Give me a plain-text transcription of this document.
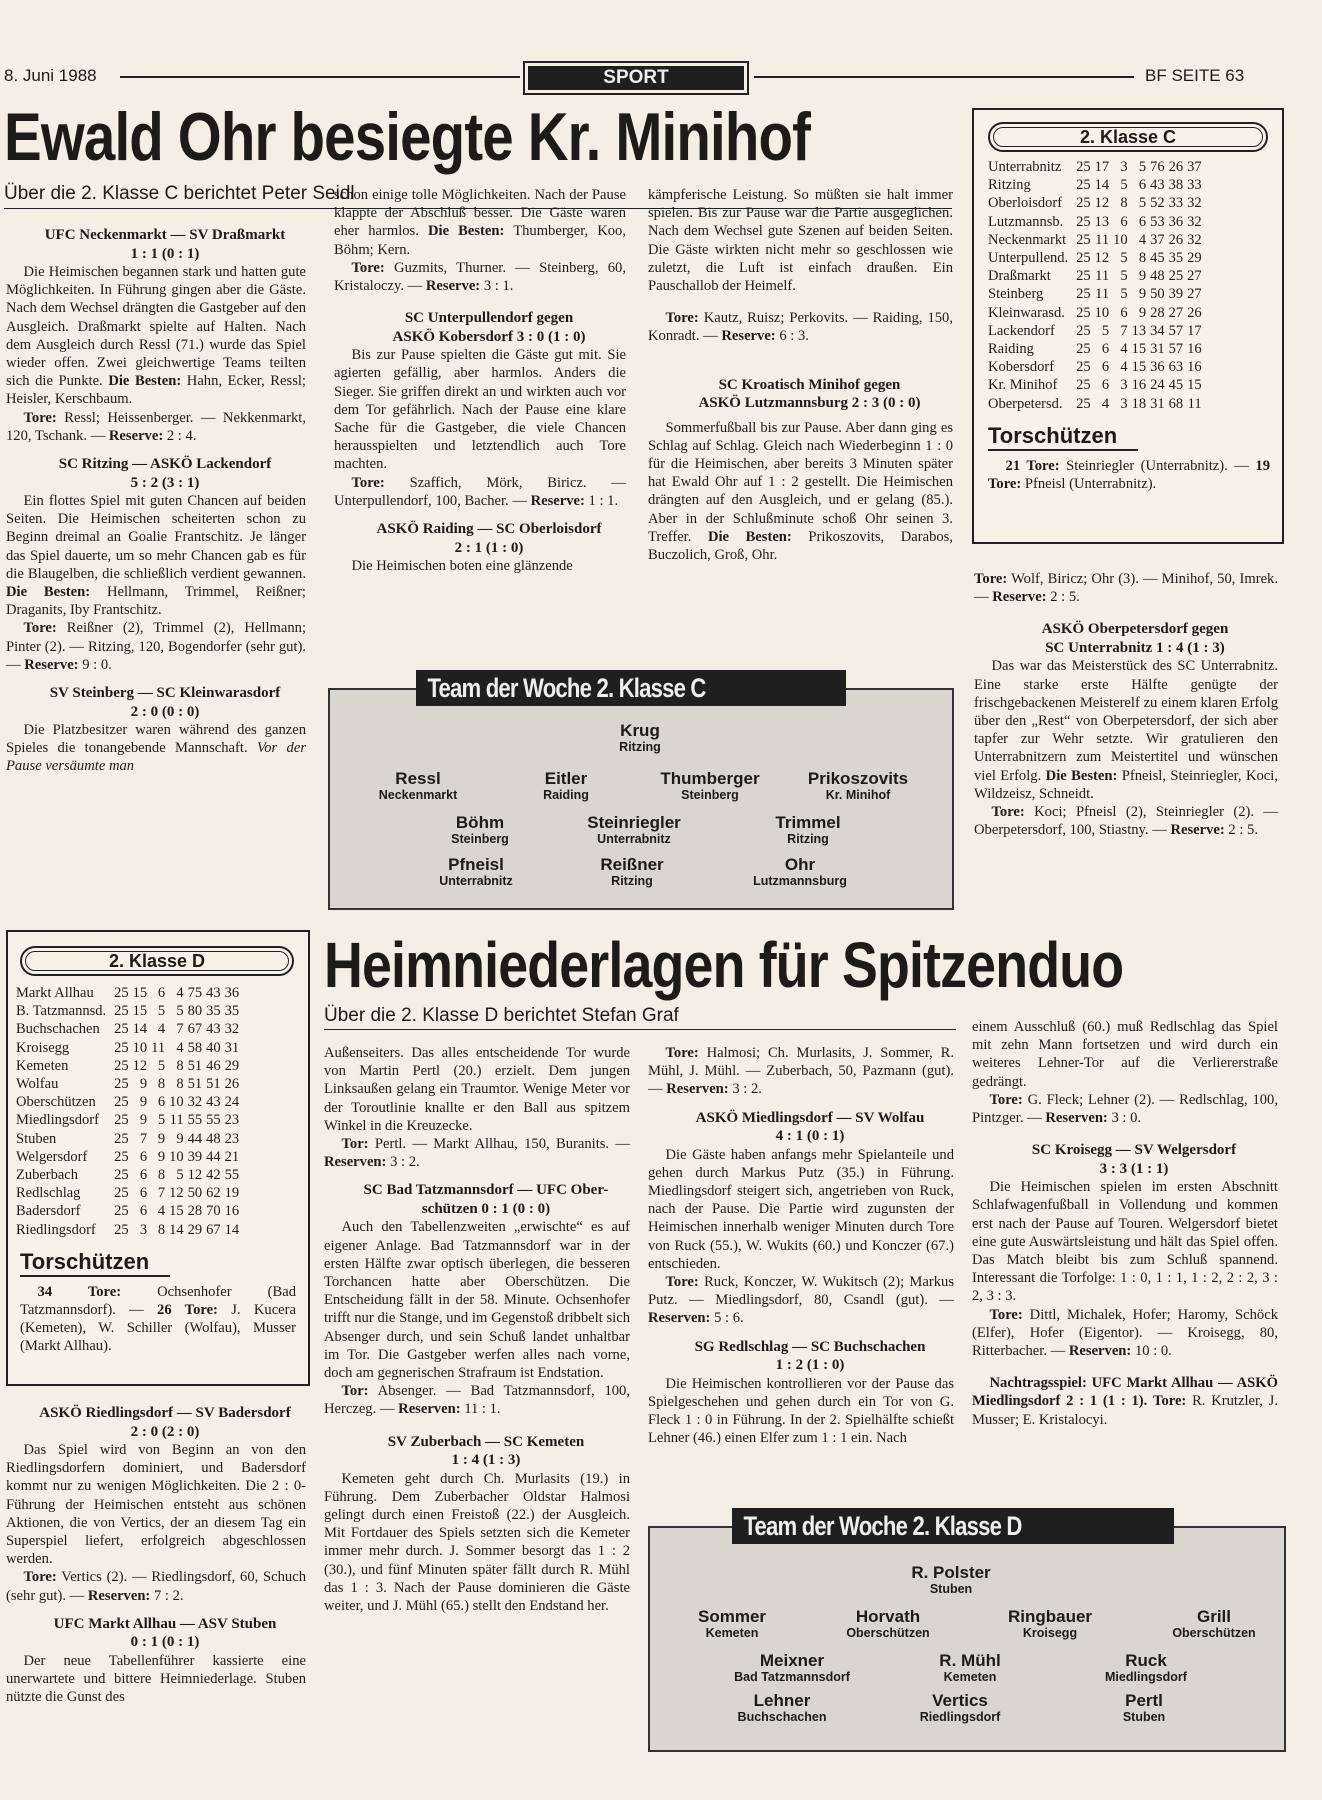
8. Juni 1988	SPORT	BF SEITE 63
Ewald Ohr besiegte Kr. Minihof
Über die 2. Klasse C berichtet Peter Seidl

UFC Neckenmarkt — SV Draßmarkt

1 : 1 (0 : 1)

Die Heimischen begannen stark und hatten gute Möglichkeiten. In Führung gingen aber die Gäste. Nach dem Wechsel drängten die Gastgeber auf den Ausgleich. Draßmarkt spielte auf Halten. Nach dem Ausgleich durch Ressl (71.) wurde das Spiel wieder offen. Zwei gleichwertige Teams teilten sich die Punkte. Die Besten: Hahn, Ecker, Ressl; Heisler, Kerschbaum.

Tore: Ressl; Heissenberger. — Nekkenmarkt, 120, Tschank. — Reserve: 2 : 4.

SC Ritzing — ASKÖ Lackendorf

5 : 2 (3 : 1)

Ein flottes Spiel mit guten Chancen auf beiden Seiten. Die Heimischen scheiterten schon zu Beginn dreimal an Goalie Frantschitz. Je länger das Spiel dauerte, um so mehr Chancen gab es für die Blaugelben, die schließlich verdient gewannen. Die Besten: Hellmann, Trimmel, Reißner; Draganits, Iby Frantschitz.

Tore: Reißner (2), Trimmel (2), Hellmann; Pinter (2). — Ritzing, 120, Bogendorfer (sehr gut). — Reserve: 9 : 0.

SV Steinberg — SC Kleinwarasdorf

2 : 0 (0 : 0)

Die Platzbesitzer waren während des ganzen Spieles die tonangebende Mannschaft. Vor der Pause versäumte man

schon einige tolle Möglichkeiten. Nach der Pause klappte der Abschluß besser. Die Gäste waren eher harmlos. Die Besten: Thumberger, Koo, Böhm; Kern.

Tore: Guzmits, Thurner. — Steinberg, 60, Kristaloczy. — Reserve: 3 : 1.

SC Unterpullendorf gegen

ASKÖ Kobersdorf 3 : 0 (1 : 0)

Bis zur Pause spielten die Gäste gut mit. Sie agierten gefällig, aber harmlos. Anders die Sieger. Sie griffen direkt an und wirkten auch vor dem Tor gefährlich. Nach der Pause eine klare Sache für die Gastgeber, die viele Chancen herausspielten und letztendlich auch Tore machten.

Tore: Szaffich, Mörk, Biricz. — Unterpullendorf, 100, Bacher. — Reserve: 1 : 1.

ASKÖ Raiding — SC Oberloisdorf

2 : 1 (1 : 0)

Die Heimischen boten eine glänzende

kämpferische Leistung. So müßten sie halt immer spielen. Bis zur Pause war die Partie ausgeglichen. Nach dem Wechsel gute Szenen auf beiden Seiten. Die Gäste wirkten nicht mehr so geschlossen wie zuletzt, die Luft ist einfach draußen. Ein Pauschallob der Heimelf.

Tore: Kautz, Ruisz; Perkovits. — Raiding, 150, Konradt. — Reserve: 6 : 3.

SC Kroatisch Minihof gegen

ASKÖ Lutzmannsburg 2 : 3 (0 : 0)

Sommerfußball bis zur Pause. Aber dann ging es Schlag auf Schlag. Gleich nach Wiederbeginn 1 : 0 für die Heimischen, aber bereits 3 Minuten später hat Ewald Ohr auf 1 : 2 gestellt. Die Heimischen drängten auf den Ausgleich, und er gelang (85.). Aber in der Schlußminute schoß Ohr seinen 3. Treffer. Die Besten: Prikoszovits, Darabos, Buczolich, Groß, Ohr.

2. Klasse C
Unterrabnitz	25	17	3	5	76	26	37
Ritzing	25	14	5	6	43	38	33
Oberloisdorf	25	12	8	5	52	33	32
Lutzmannsb.	25	13	6	6	53	36	32
Neckenmarkt	25	11	10	4	37	26	32
Unterpullend.	25	12	5	8	45	35	29
Draßmarkt	25	11	5	9	48	25	27
Steinberg	25	11	5	9	50	39	27
Kleinwarasd.	25	10	6	9	28	27	26
Lackendorf	25	5	7	13	34	57	17
Raiding	25	6	4	15	31	57	16
Kobersdorf	25	6	4	15	36	63	16
Kr. Minihof	25	6	3	16	24	45	15
Oberpetersd.	25	4	3	18	31	68	11
Torschützen

21 Tore: Steinriegler (Unterrabnitz). — 19 Tore: Pfneisl (Unterrabnitz).

Tore: Wolf, Biricz; Ohr (3). — Minihof, 50, Imrek. — Reserve: 2 : 5.

ASKÖ Oberpetersdorf gegen

SC Unterrabnitz 1 : 4 (1 : 3)

Das war das Meisterstück des SC Unterrabnitz. Eine starke erste Hälfte genügte der frischgebackenen Meisterelf zu einem klaren Erfolg über den „Rest“ von Oberpetersdorf, der sich aber tapfer zur Wehr setzte. Wir gratulieren den Unterrabnitzern zum Meistertitel und wünschen viel Erfolg. Die Besten: Pfneisl, Steinriegler, Koci, Wildzeisz, Schneidt.

Tore: Koci; Pfneisl (2), Steinriegler (2). — Oberpetersdorf, 100, Stiastny. — Reserve: 2 : 5.

Team der Woche 2. Klasse C
Krug
Ritzing
Ressl
Neckenmarkt
Eitler
Raiding
Thumberger
Steinberg
Prikoszovits
Kr. Minihof
Böhm
Steinberg
Steinriegler
Unterrabnitz
Trimmel
Ritzing
Pfneisl
Unterrabnitz
Reißner
Ritzing
Ohr
Lutzmannsburg
2. Klasse D
Markt Allhau	25	15	6	4	75	43	36
B. Tatzmannsd.	25	15	5	5	80	35	35
Buchschachen	25	14	4	7	67	43	32
Kroisegg	25	10	11	4	58	40	31
Kemeten	25	12	5	8	51	46	29
Wolfau	25	9	8	8	51	51	26
Oberschützen	25	9	6	10	32	43	24
Miedlingsdorf	25	9	5	11	55	55	23
Stuben	25	7	9	9	44	48	23
Welgersdorf	25	6	9	10	39	44	21
Zuberbach	25	6	8	5	12	42	55
Redlschlag	25	6	7	12	50	62	19
Badersdorf	25	6	4	15	28	70	16
Riedlingsdorf	25	3	8	14	29	67	14
Torschützen

34 Tore: Ochsenhofer (Bad Tatzmannsdorf). — 26 Tore: J. Kucera (Kemeten), W. Schiller (Wolfau), Musser (Markt Allhau).

Heimniederlagen für Spitzenduo
Über die 2. Klasse D berichtet Stefan Graf

ASKÖ Riedlingsdorf — SV Badersdorf

2 : 0 (2 : 0)

Das Spiel wird von Beginn an von den Riedlingsdorfern dominiert, und Badersdorf kommt nur zu wenigen Möglichkeiten. Die 2 : 0-Führung der Heimischen entsteht aus schönen Aktionen, die von Vertics, der an diesem Tag ein Superspiel liefert, erfolgreich abgeschlossen werden.

Tore: Vertics (2). — Riedlingsdorf, 60, Schuch (sehr gut). — Reserven: 7 : 2.

UFC Markt Allhau — ASV Stuben

0 : 1 (0 : 1)

Der neue Tabellenführer kassierte eine unerwartete und bittere Heimniederlage. Stuben nützte die Gunst des

Außenseiters. Das alles entscheidende Tor wurde von Martin Pertl (20.) erzielt. Dem jungen Linksaußen gelang ein Traumtor. Wenige Meter vor der Toroutlinie knallte er den Ball aus spitzem Winkel in die Kreuzecke.

Tor: Pertl. — Markt Allhau, 150, Buranits. — Reserven: 3 : 2.

SC Bad Tatzmannsdorf — UFC Ober-

schützen 0 : 1 (0 : 0)

Auch den Tabellenzweiten „erwischte“ es auf eigener Anlage. Bad Tatzmannsdorf war in der ersten Hälfte zwar optisch überlegen, die besseren Torchancen hatte aber Oberschützen. Die Entscheidung fällt in der 58. Minute. Ochsenhofer trifft nur die Stange, und im Gegenstoß dribbelt sich Absenger durch, und sein Schuß landet unhaltbar im Tor. Die Gastgeber werfen alles nach vorne, doch am gegnerischen Strafraum ist Endstation.

Tor: Absenger. — Bad Tatzmannsdorf, 100, Herczeg. — Reserven: 11 : 1.

SV Zuberbach — SC Kemeten

1 : 4 (1 : 3)

Kemeten geht durch Ch. Murlasits (19.) in Führung. Dem Zuberbacher Oldstar Halmosi gelingt durch einen Freistoß (22.) der Ausgleich. Mit Fortdauer des Spiels setzten sich die Kemeter immer mehr durch. J. Sommer besorgt das 1 : 2 (30.), und fünf Minuten später fällt durch R. Mühl das 1 : 3. Nach der Pause dominieren die Gäste weiter, und J. Mühl (65.) stellt den Endstand her.

Tore: Halmosi; Ch. Murlasits, J. Sommer, R. Mühl, J. Mühl. — Zuberbach, 50, Pazmann (gut). — Reserven: 3 : 2.

ASKÖ Miedlingsdorf — SV Wolfau

4 : 1 (0 : 1)

Die Gäste haben anfangs mehr Spielanteile und gehen durch Markus Putz (35.) in Führung. Miedlingsdorf steigert sich, angetrieben von Ruck, nach der Pause. Die Partie wird zugunsten der Heimischen innerhalb weniger Minuten durch Tore von Ruck (55.), W. Wukits (60.) und Konczer (67.) entschieden.

Tore: Ruck, Konczer, W. Wukitsch (2); Markus Putz. — Miedlingsdorf, 80, Csandl (gut). — Reserven: 5 : 6.

SG Redlschlag — SC Buchschachen

1 : 2 (1 : 0)

Die Heimischen kontrollieren vor der Pause das Spielgeschehen und gehen durch ein Tor von G. Fleck 1 : 0 in Führung. In der 2. Spielhälfte schießt Lehner (46.) einen Elfer zum 1 : 1 ein. Nach

einem Ausschluß (60.) muß Redlschlag das Spiel mit zehn Mann fortsetzen und wird durch ein weiteres Lehner-Tor auf die Verliererstraße gedrängt.

Tore: G. Fleck; Lehner (2). — Redlschlag, 100, Pintzger. — Reserven: 3 : 0.

SC Kroisegg — SV Welgersdorf

3 : 3 (1 : 1)

Die Heimischen spielen im ersten Abschnitt Schlafwagenfußball in Vollendung und kommen erst nach der Pause auf Touren. Welgersdorf bietet eine gute Auswärtsleistung und hält das Spiel offen. Das Match bleibt bis zum Schluß spannend. Interessant die Torfolge: 1 : 0, 1 : 1, 1 : 2, 2 : 2, 3 : 2, 3 : 3.

Tore: Dittl, Michalek, Hofer; Haromy, Schöck (Elfer), Hofer (Eigentor). — Kroisegg, 80, Ritterbacher. — Reserven: 10 : 0.

Nachtragsspiel: UFC Markt Allhau — ASKÖ Miedlingsdorf 2 : 1 (1 : 1). Tore: R. Krutzler, J. Musser; E. Kristalocyi.

Team der Woche 2. Klasse D
R. Polster
Stuben
Sommer
Kemeten
Horvath
Oberschützen
Ringbauer
Kroisegg
Grill
Oberschützen
Meixner
Bad Tatzmannsdorf
R. Mühl
Kemeten
Ruck
Miedlingsdorf
Lehner
Buchschachen
Vertics
Riedlingsdorf
Pertl
Stuben
